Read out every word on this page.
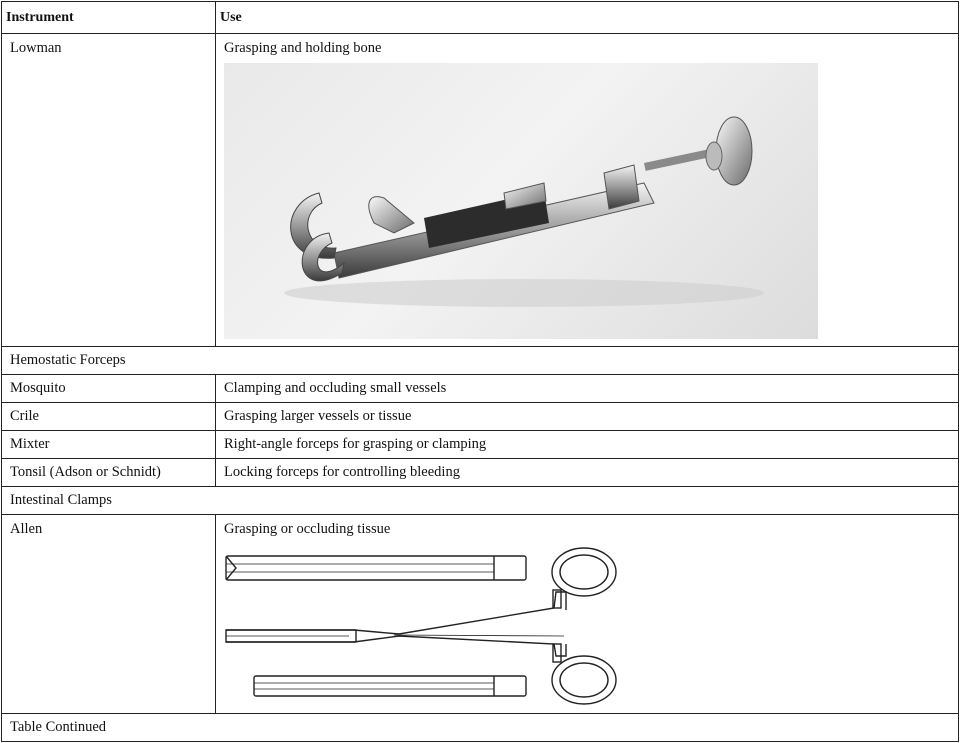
Instrument	Use
Lowman	Grasping and holding bone

Hemostatic Forceps	
Mosquito	Clamping and occluding small vessels
Crile	Grasping larger vessels or tissue
Mixter	Right-angle forceps for grasping or clamping
Tonsil (Adson or Schnidt)	Locking forceps for controlling bleeding
Intestinal Clamps	
Allen	Grasping or occluding tissue

Table Continued	
